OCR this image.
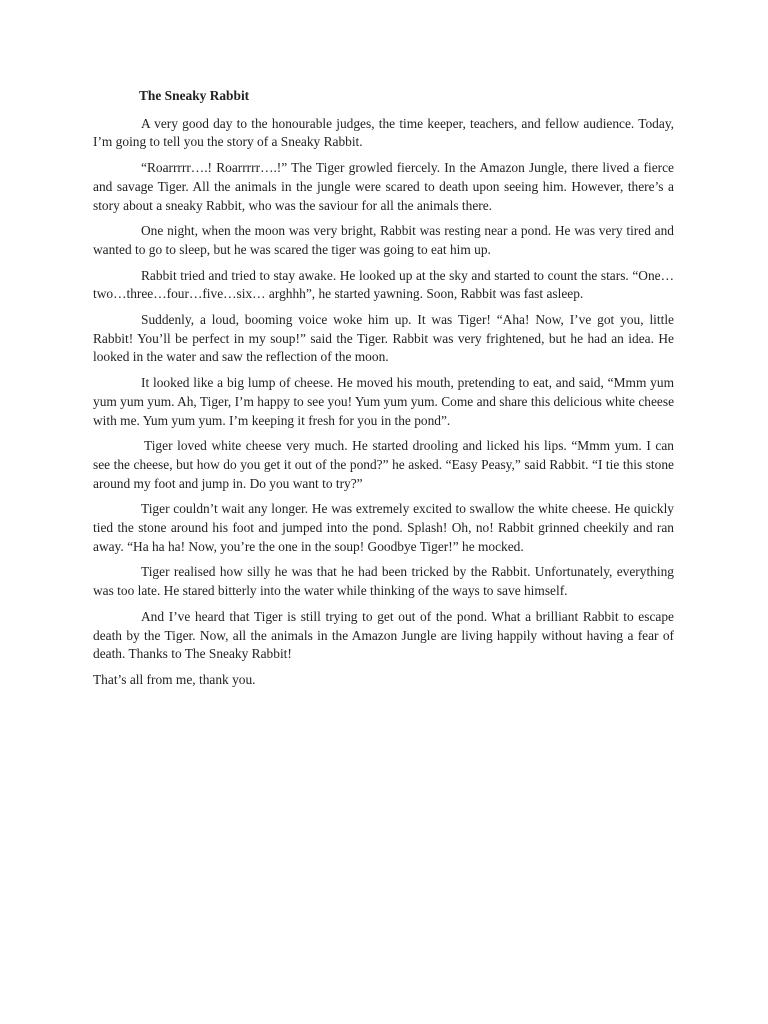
The Sneaky Rabbit

A very good day to the honourable judges, the time keeper, teachers, and fellow audience. Today, I’m going to tell you the story of a Sneaky Rabbit.

“Roarrrrr….! Roarrrrr….!” The Tiger growled fiercely. In the Amazon Jungle, there lived a fierce and savage Tiger. All the animals in the jungle were scared to death upon seeing him. However, there’s a story about a sneaky Rabbit, who was the saviour for all the animals there.

One night, when the moon was very bright, Rabbit was resting near a pond. He was very tired and wanted to go to sleep, but he was scared the tiger was going to eat him up.

Rabbit tried and tried to stay awake. He looked up at the sky and started to count the stars. “One…two…three…four…five…six… arghhh”, he started yawning. Soon, Rabbit was fast asleep.

Suddenly, a loud, booming voice woke him up. It was Tiger! “Aha! Now, I’ve got you, little Rabbit! You’ll be perfect in my soup!” said the Tiger. Rabbit was very frightened, but he had an idea. He looked in the water and saw the reflection of the moon.

It looked like a big lump of cheese. He moved his mouth, pretending to eat, and said, “Mmm yum yum yum yum. Ah, Tiger, I’m happy to see you! Yum yum yum. Come and share this delicious white cheese with me. Yum yum yum. I’m keeping it fresh for you in the pond”.

Tiger loved white cheese very much. He started drooling and licked his lips. “Mmm yum. I can see the cheese, but how do you get it out of the pond?” he asked. “Easy Peasy,” said Rabbit. “I tie this stone around my foot and jump in. Do you want to try?”

Tiger couldn’t wait any longer. He was extremely excited to swallow the white cheese. He quickly tied the stone around his foot and jumped into the pond. Splash! Oh, no! Rabbit grinned cheekily and ran away. “Ha ha ha! Now, you’re the one in the soup! Goodbye Tiger!” he mocked.

Tiger realised how silly he was that he had been tricked by the Rabbit. Unfortunately, everything was too late. He stared bitterly into the water while thinking of the ways to save himself.

And I’ve heard that Tiger is still trying to get out of the pond. What a brilliant Rabbit to escape death by the Tiger. Now, all the animals in the Amazon Jungle are living happily without having a fear of death. Thanks to The Sneaky Rabbit!

That’s all from me, thank you.
